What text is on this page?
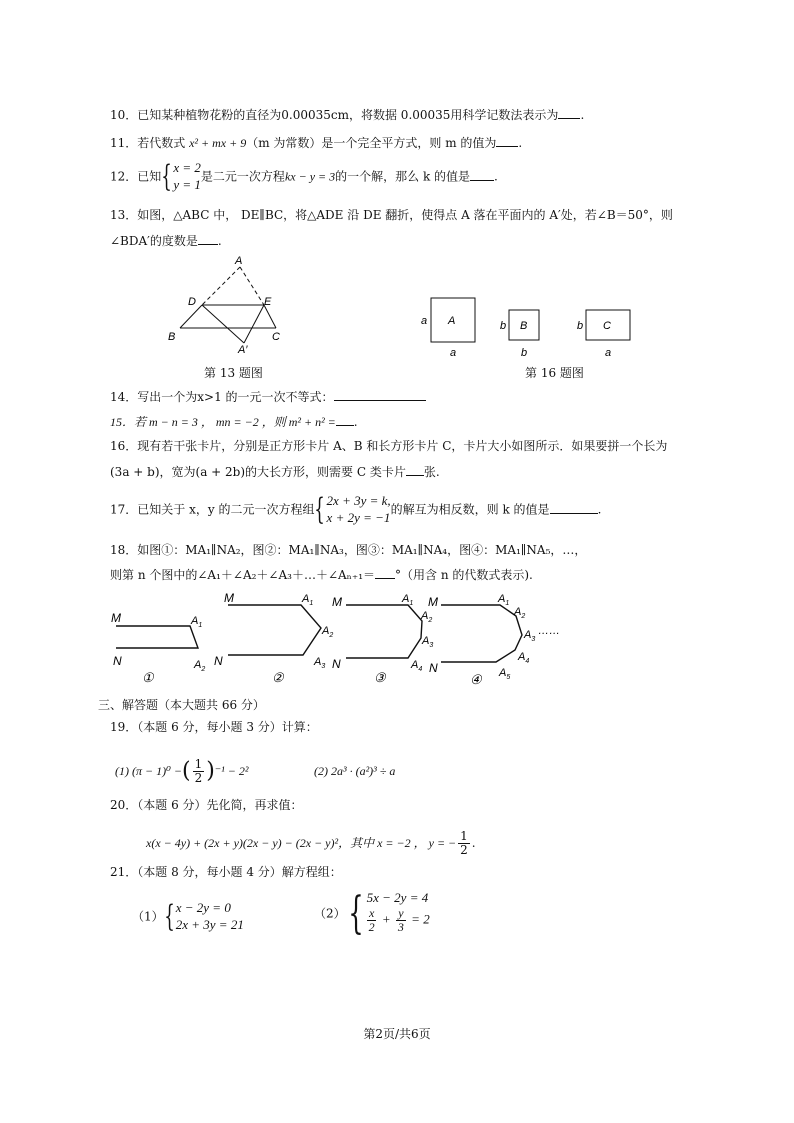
10．已知某种植物花粉的直径为0.00035cm，将数据 0.00035用科学记数法表示为 .
11．若代数式 x² + mx + 9（m 为常数）是一个完全平方式，则 m 的值为 .
12．已知{ x = 2
y = 1
是二元一次方程kx − y = 3的一个解，那么 k 的值是 .
13．如图，△ABC 中， DE∥BC，将△ADE 沿 DE 翻折，使得点 A 落在平面内的 A′处，若∠B＝50°，则
∠BDA′的度数是 .
A
D	E
B	C
A′
第 13 题图
A
a
a
B
b
b
C
b
a
第 16 题图
14．写出一个为x>1 的一元一次不等式：
15．若 m − n = 3 ， mn = −2 ，则 m² + n² = .
16．现有若干张卡片，分别是正方形卡片 A、B 和长方形卡片 C，卡片大小如图所示．如果要拼一个长为
(3a + b)，宽为(a + 2b)的大长方形，则需要 C 类卡片 张.
17．已知关于 x，y 的二元一次方程组{ 2x + 3y = k,
x + 2y = −1
的解互为相反数，则 k 的值是	.
18．如图①：MA₁∥NA₂，图②：MA₁∥NA₃，图③：MA₁∥NA₄，图④：MA₁∥NA₅，…，
则第 n 个图中的∠A₁＋∠A₂＋∠A₃＋…＋∠Aₙ₊₁＝ °（用含 n 的代数式表示).
M
N
$A_1$
$A_2$
①
M
N
$A_1$
$A_2$
$A_3$
②
M
N
$A_1$
$A_2$
$A_3$
$A_4$
③
M
N
$A_1$
$A_2$
$A_3$
……
$A_4$
$A_5$
④
三、解答题（本大题共 66 分）
19．（本题 6 分，每小题 3 分）计算：
(1) (π − 1)⁰ −( $\frac{1}{2} )^{-1} - 2^2$	(2) 2a³ · (a²)³ ÷ a
20．（本题 6 分）先化简，再求值：
x(x − 4y) + (2x + y)(2x − y) − (2x − y)²，其中 x = −2 ， y = − $\frac{1}{2}$ .
21．（本题 8 分，每小题 4 分）解方程组：
（1）{ x − 2y = 0
2x + 3y = 21
（2）{ 5x − 2y = 4
$\frac{x}{2} + \frac{y}{3} = 2$
第2页/共6页
